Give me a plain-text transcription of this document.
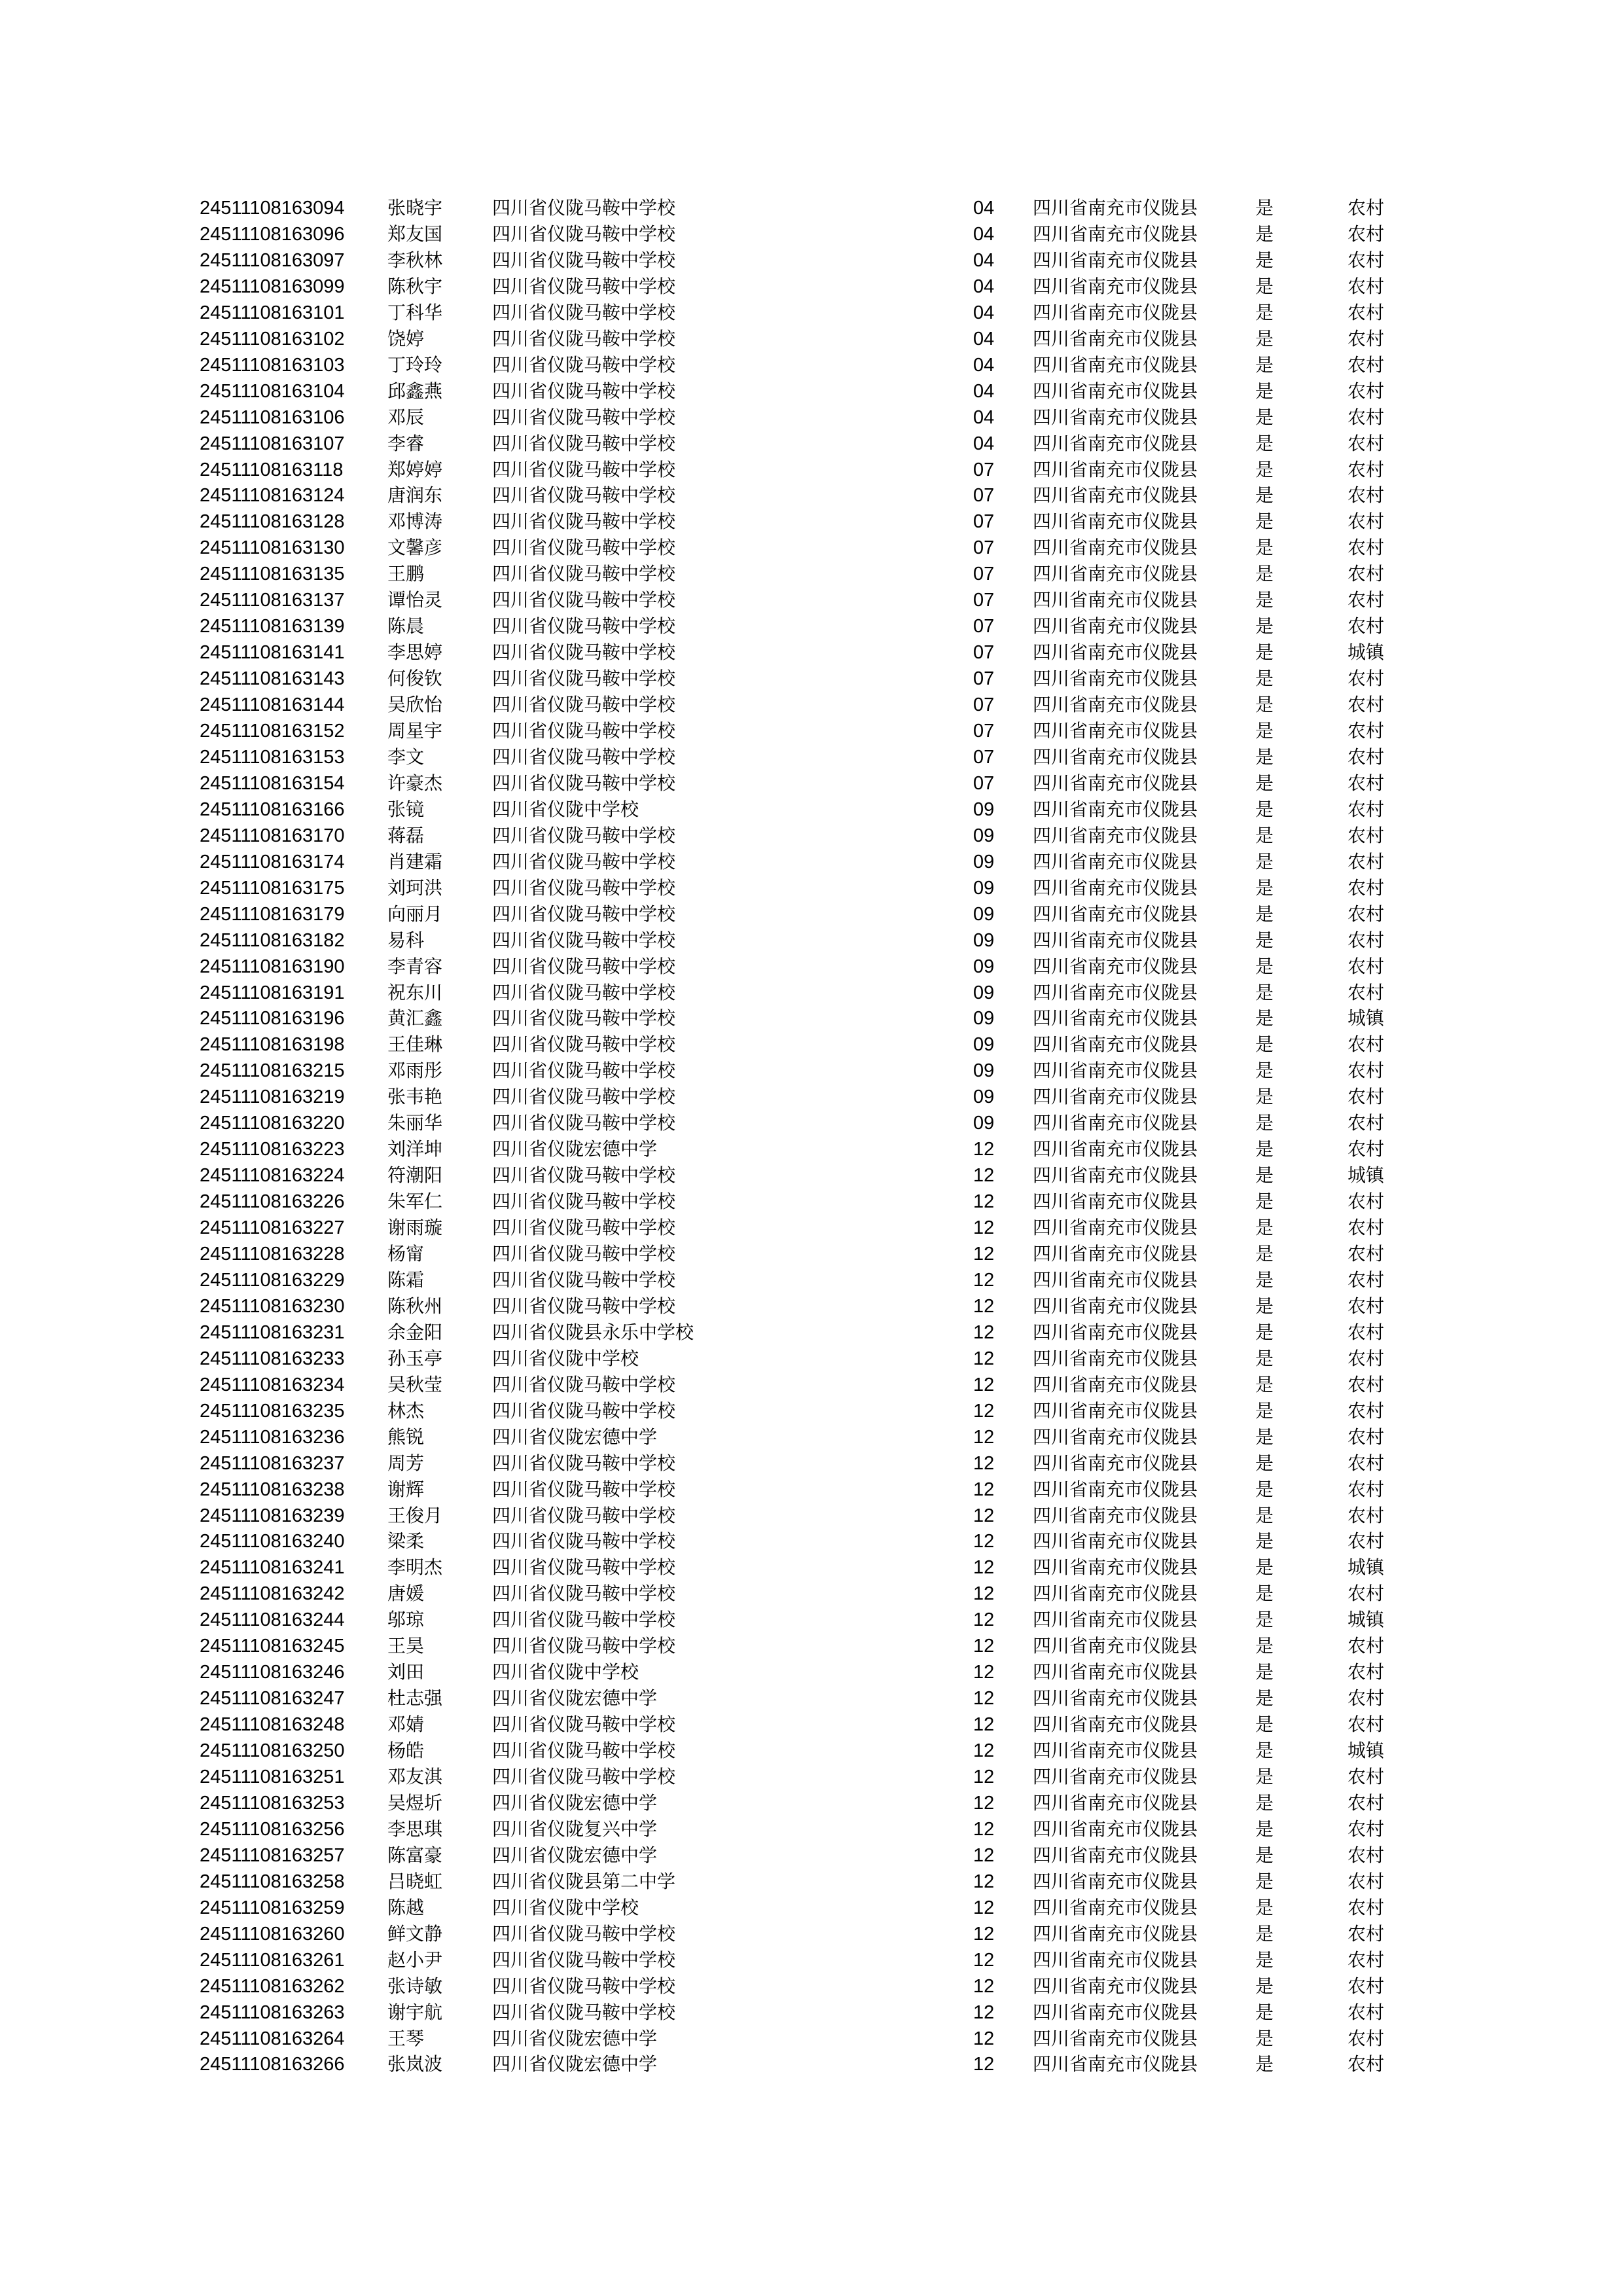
24511108163094 张晓宇	四川省仪陇马鞍中学校	04 四川省南充市仪陇县	是	农村
24511108163096 郑友国	四川省仪陇马鞍中学校	04 四川省南充市仪陇县	是	农村
24511108163097 李秋林	四川省仪陇马鞍中学校	04 四川省南充市仪陇县	是	农村
24511108163099 陈秋宇	四川省仪陇马鞍中学校	04 四川省南充市仪陇县	是	农村
24511108163101 丁科华	四川省仪陇马鞍中学校	04 四川省南充市仪陇县	是	农村
24511108163102 饶婷	四川省仪陇马鞍中学校	04 四川省南充市仪陇县	是	农村
24511108163103 丁玲玲	四川省仪陇马鞍中学校	04 四川省南充市仪陇县	是	农村
24511108163104 邱鑫燕	四川省仪陇马鞍中学校	04 四川省南充市仪陇县	是	农村
24511108163106 邓辰	四川省仪陇马鞍中学校	04 四川省南充市仪陇县	是	农村
24511108163107 李睿	四川省仪陇马鞍中学校	04 四川省南充市仪陇县	是	农村
24511108163118 郑婷婷	四川省仪陇马鞍中学校	07 四川省南充市仪陇县	是	农村
24511108163124 唐润东	四川省仪陇马鞍中学校	07 四川省南充市仪陇县	是	农村
24511108163128 邓博涛	四川省仪陇马鞍中学校	07 四川省南充市仪陇县	是	农村
24511108163130 文馨彦	四川省仪陇马鞍中学校	07 四川省南充市仪陇县	是	农村
24511108163135 王鹏	四川省仪陇马鞍中学校	07 四川省南充市仪陇县	是	农村
24511108163137 谭怡灵	四川省仪陇马鞍中学校	07 四川省南充市仪陇县	是	农村
24511108163139 陈晨	四川省仪陇马鞍中学校	07 四川省南充市仪陇县	是	农村
24511108163141 李思婷	四川省仪陇马鞍中学校	07 四川省南充市仪陇县	是	城镇
24511108163143 何俊钦	四川省仪陇马鞍中学校	07 四川省南充市仪陇县	是	农村
24511108163144 吴欣怡	四川省仪陇马鞍中学校	07 四川省南充市仪陇县	是	农村
24511108163152 周星宇	四川省仪陇马鞍中学校	07 四川省南充市仪陇县	是	农村
24511108163153 李文	四川省仪陇马鞍中学校	07 四川省南充市仪陇县	是	农村
24511108163154 许豪杰	四川省仪陇马鞍中学校	07 四川省南充市仪陇县	是	农村
24511108163166 张镜	四川省仪陇中学校	09 四川省南充市仪陇县	是	农村
24511108163170 蒋磊	四川省仪陇马鞍中学校	09 四川省南充市仪陇县	是	农村
24511108163174 肖建霜	四川省仪陇马鞍中学校	09 四川省南充市仪陇县	是	农村
24511108163175 刘珂洪	四川省仪陇马鞍中学校	09 四川省南充市仪陇县	是	农村
24511108163179 向丽月	四川省仪陇马鞍中学校	09 四川省南充市仪陇县	是	农村
24511108163182 易科	四川省仪陇马鞍中学校	09 四川省南充市仪陇县	是	农村
24511108163190 李青容	四川省仪陇马鞍中学校	09 四川省南充市仪陇县	是	农村
24511108163191 祝东川	四川省仪陇马鞍中学校	09 四川省南充市仪陇县	是	农村
24511108163196 黄汇鑫	四川省仪陇马鞍中学校	09 四川省南充市仪陇县	是	城镇
24511108163198 王佳琳	四川省仪陇马鞍中学校	09 四川省南充市仪陇县	是	农村
24511108163215 邓雨彤	四川省仪陇马鞍中学校	09 四川省南充市仪陇县	是	农村
24511108163219 张韦艳	四川省仪陇马鞍中学校	09 四川省南充市仪陇县	是	农村
24511108163220 朱丽华	四川省仪陇马鞍中学校	09 四川省南充市仪陇县	是	农村
24511108163223 刘洋坤	四川省仪陇宏德中学	12 四川省南充市仪陇县	是	农村
24511108163224 符潮阳	四川省仪陇马鞍中学校	12 四川省南充市仪陇县	是	城镇
24511108163226 朱军仁	四川省仪陇马鞍中学校	12 四川省南充市仪陇县	是	农村
24511108163227 谢雨璇	四川省仪陇马鞍中学校	12 四川省南充市仪陇县	是	农村
24511108163228 杨甯	四川省仪陇马鞍中学校	12 四川省南充市仪陇县	是	农村
24511108163229 陈霜	四川省仪陇马鞍中学校	12 四川省南充市仪陇县	是	农村
24511108163230 陈秋州	四川省仪陇马鞍中学校	12 四川省南充市仪陇县	是	农村
24511108163231 余金阳	四川省仪陇县永乐中学校	12 四川省南充市仪陇县	是	农村
24511108163233 孙玉亭	四川省仪陇中学校	12 四川省南充市仪陇县	是	农村
24511108163234 吴秋莹	四川省仪陇马鞍中学校	12 四川省南充市仪陇县	是	农村
24511108163235 林杰	四川省仪陇马鞍中学校	12 四川省南充市仪陇县	是	农村
24511108163236 熊锐	四川省仪陇宏德中学	12 四川省南充市仪陇县	是	农村
24511108163237 周芳	四川省仪陇马鞍中学校	12 四川省南充市仪陇县	是	农村
24511108163238 谢辉	四川省仪陇马鞍中学校	12 四川省南充市仪陇县	是	农村
24511108163239 王俊月	四川省仪陇马鞍中学校	12 四川省南充市仪陇县	是	农村
24511108163240 梁柔	四川省仪陇马鞍中学校	12 四川省南充市仪陇县	是	农村
24511108163241 李明杰	四川省仪陇马鞍中学校	12 四川省南充市仪陇县	是	城镇
24511108163242 唐媛	四川省仪陇马鞍中学校	12 四川省南充市仪陇县	是	农村
24511108163244 邬琼	四川省仪陇马鞍中学校	12 四川省南充市仪陇县	是	城镇
24511108163245 王昊	四川省仪陇马鞍中学校	12 四川省南充市仪陇县	是	农村
24511108163246 刘田	四川省仪陇中学校	12 四川省南充市仪陇县	是	农村
24511108163247 杜志强	四川省仪陇宏德中学	12 四川省南充市仪陇县	是	农村
24511108163248 邓婧	四川省仪陇马鞍中学校	12 四川省南充市仪陇县	是	农村
24511108163250 杨皓	四川省仪陇马鞍中学校	12 四川省南充市仪陇县	是	城镇
24511108163251 邓友淇	四川省仪陇马鞍中学校	12 四川省南充市仪陇县	是	农村
24511108163253 吴煜圻	四川省仪陇宏德中学	12 四川省南充市仪陇县	是	农村
24511108163256 李思琪	四川省仪陇复兴中学	12 四川省南充市仪陇县	是	农村
24511108163257 陈富豪	四川省仪陇宏德中学	12 四川省南充市仪陇县	是	农村
24511108163258 吕晓虹	四川省仪陇县第二中学	12 四川省南充市仪陇县	是	农村
24511108163259 陈越	四川省仪陇中学校	12 四川省南充市仪陇县	是	农村
24511108163260 鲜文静	四川省仪陇马鞍中学校	12 四川省南充市仪陇县	是	农村
24511108163261 赵小尹	四川省仪陇马鞍中学校	12 四川省南充市仪陇县	是	农村
24511108163262 张诗敏	四川省仪陇马鞍中学校	12 四川省南充市仪陇县	是	农村
24511108163263 谢宇航	四川省仪陇马鞍中学校	12 四川省南充市仪陇县	是	农村
24511108163264 王琴	四川省仪陇宏德中学	12 四川省南充市仪陇县	是	农村
24511108163266 张岚波	四川省仪陇宏德中学	12 四川省南充市仪陇县	是	农村
